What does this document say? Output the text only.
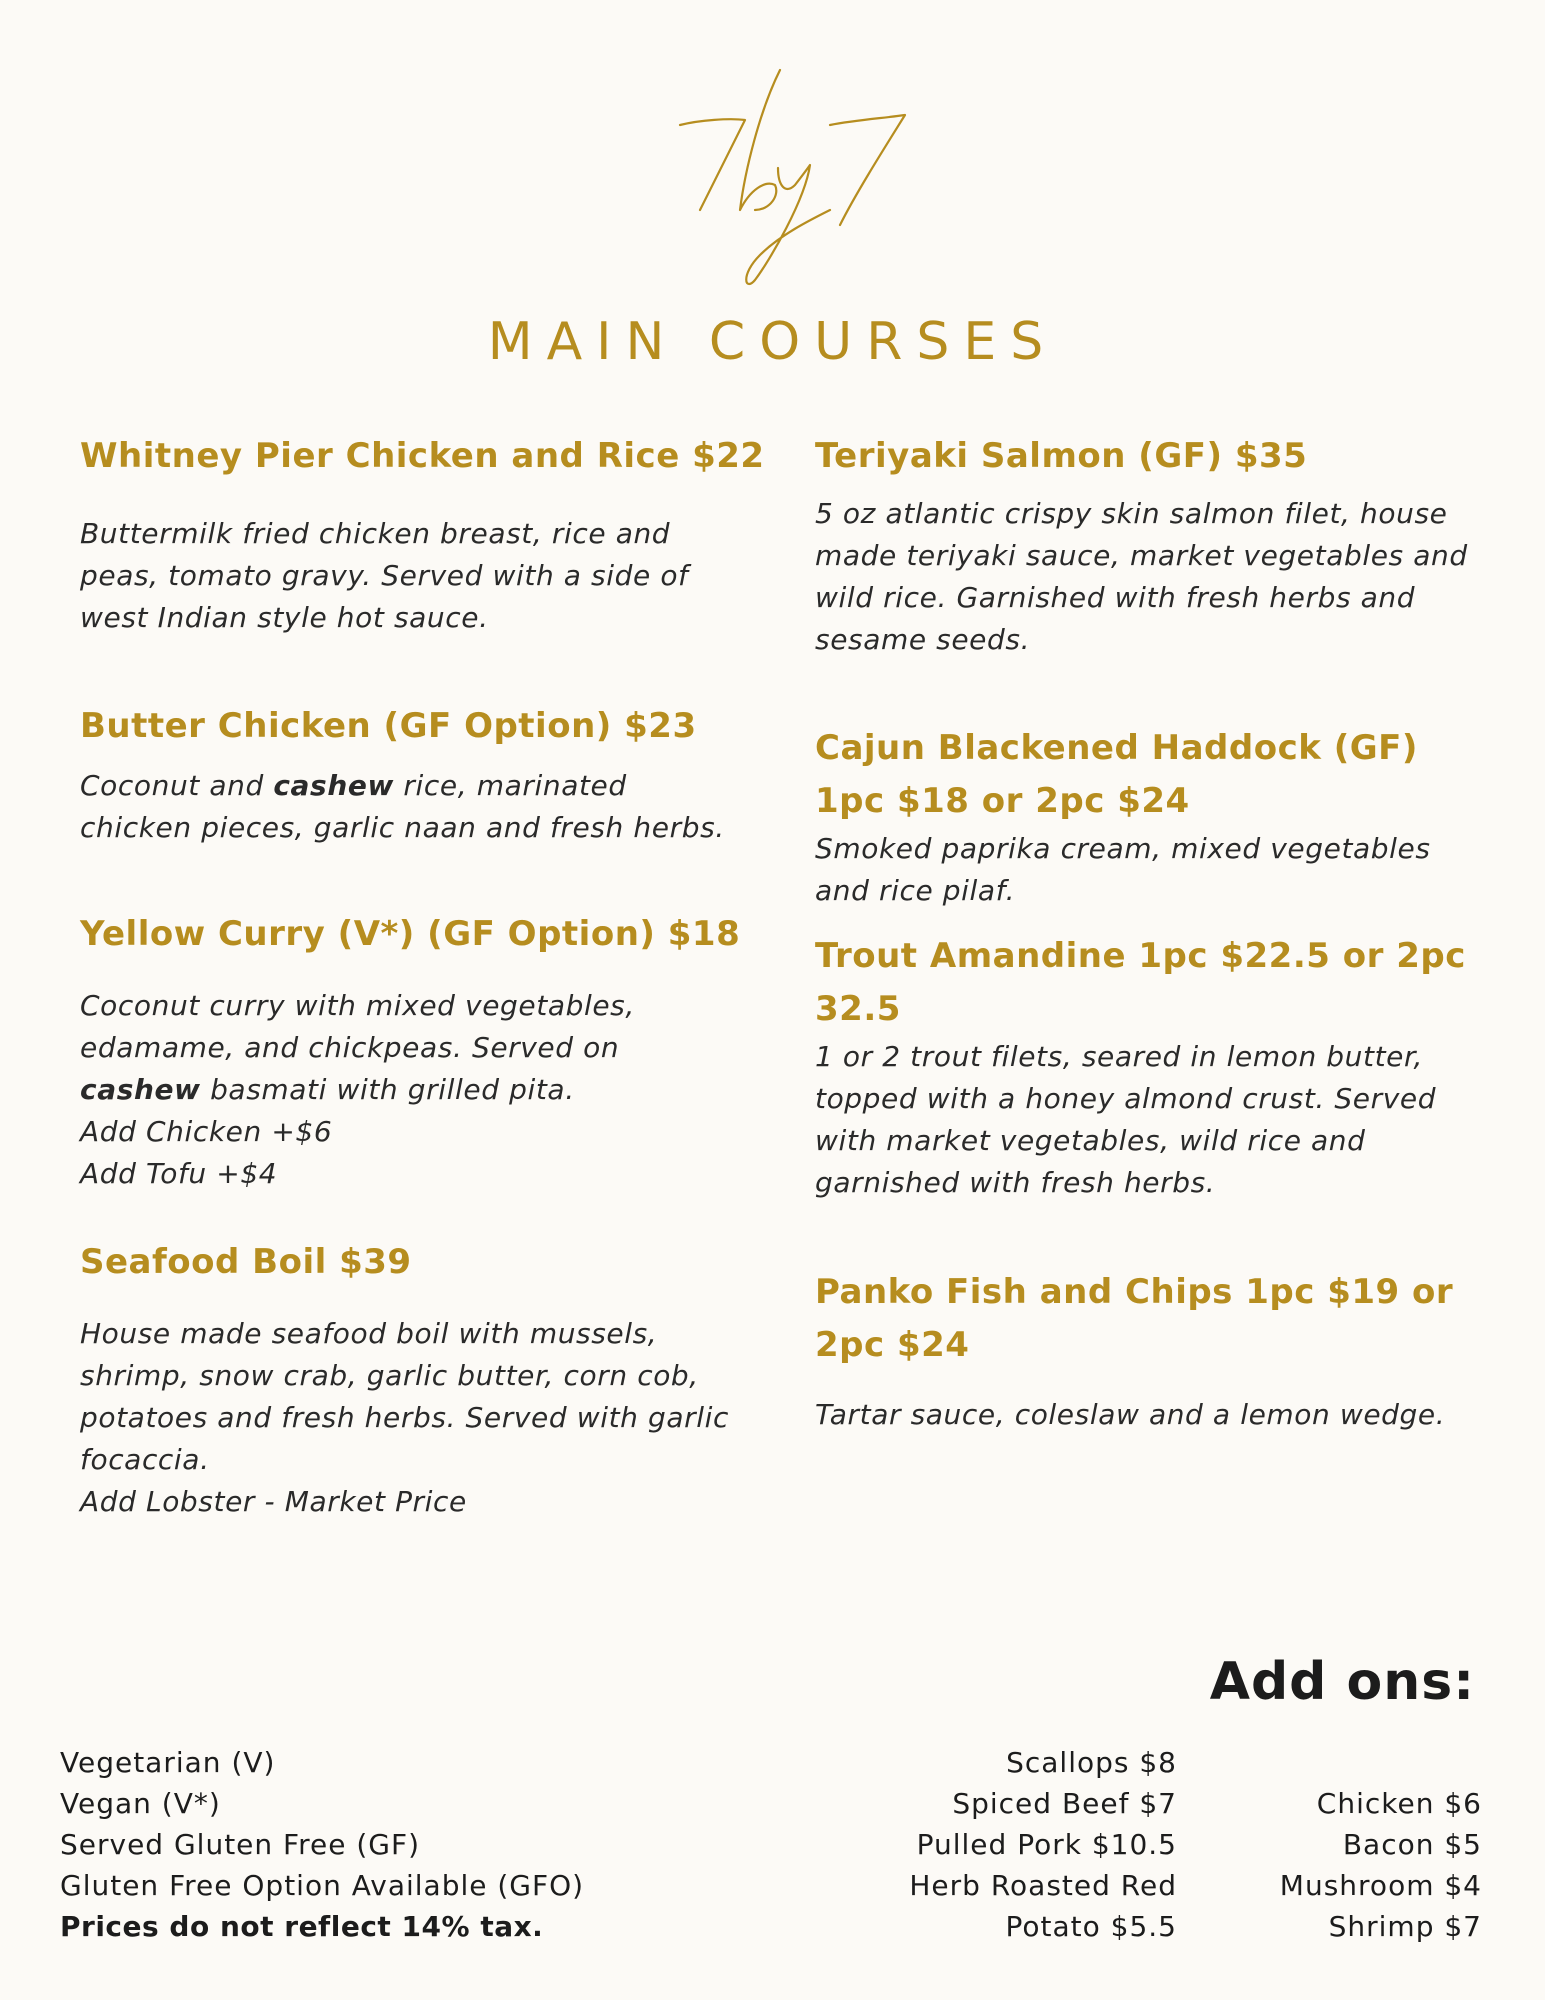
7by7
MAIN COURSES
Whitney Pier Chicken and Rice $22
Buttermilk fried chicken breast, rice and
peas, tomato gravy. Served with a side of
west Indian style hot sauce.
Butter Chicken (GF Option) $23
Coconut and cashew rice, marinated
chicken pieces, garlic naan and fresh herbs.
Yellow Curry (V*) (GF Option) $18
Coconut curry with mixed vegetables,
edamame, and chickpeas. Served on
cashew basmati with grilled pita.
Add Chicken +$6
Add Tofu +$4
Seafood Boil $39
House made seafood boil with mussels,
shrimp, snow crab, garlic butter, corn cob,
potatoes and fresh herbs. Served with garlic
focaccia.
Add Lobster - Market Price
Teriyaki Salmon (GF) $35
5 oz atlantic crispy skin salmon filet, house
made teriyaki sauce, market vegetables and
wild rice. Garnished with fresh herbs and
sesame seeds.
Cajun Blackened Haddock (GF)
1pc $18 or 2pc $24
Smoked paprika cream, mixed vegetables
and rice pilaf.
Trout Amandine 1pc $22.5 or 2pc
32.5
1 or 2 trout filets, seared in lemon butter,
topped with a honey almond crust. Served
with market vegetables, wild rice and
garnished with fresh herbs.
Panko Fish and Chips 1pc $19 or
2pc $24
Tartar sauce, coleslaw and a lemon wedge.
Add ons:
Vegetarian (V)
Vegan (V*)
Served Gluten Free (GF)
Gluten Free Option Available (GFO)
Prices do not reflect 14% tax.
Scallops $8
Spiced Beef $7
Pulled Pork $10.5
Herb Roasted Red
Potato $5.5
Chicken $6
Bacon $5
Mushroom $4
Shrimp $7
